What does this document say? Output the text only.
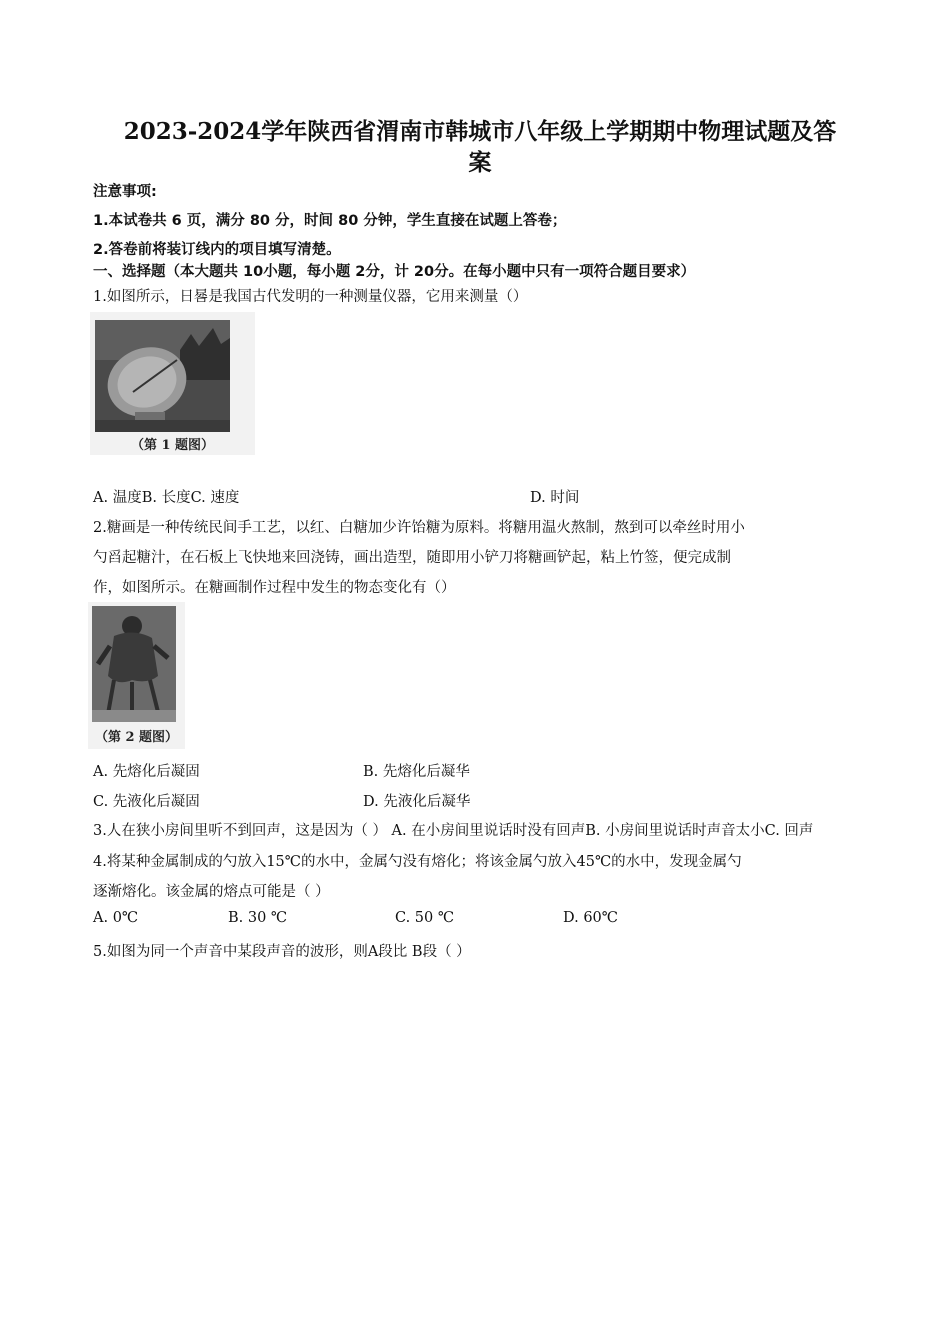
2023-2024学年陕西省渭南市韩城市八年级上学期期中物理试题及答
案
注意事项:
1.本试卷共 6 页，满分 80 分，时间 80 分钟，学生直接在试题上答卷；
2.答卷前将装订线内的项目填写清楚。
一、选择题（本大题共 10小题，每小题 2分，计 20分。在每小题中只有一项符合题目要求）
1.如图所示，日晷是我国古代发明的一种测量仪器，它用来测量（）
（第 1 题图）
A. 温度B. 长度C. 速度	D. 时间
2.糖画是一种传统民间手工艺，以红、白糖加少许饴糖为原料。将糖用温火熬制，熬到可以牵丝时用小
勺舀起糖汁，在石板上飞快地来回浇铸，画出造型，随即用小铲刀将糖画铲起，粘上竹签，便完成制
作，如图所示。在糖画制作过程中发生的物态变化有（）
（第 2 题图）
A. 先熔化后凝固	B. 先熔化后凝华
C. 先液化后凝固	D. 先液化后凝华
3.人在狭小房间里听不到回声，这是因为（ ） A. 在小房间里说话时没有回声B. 小房间里说话时声音太小C. 回声
4.将某种金属制成的勺放入15℃的水中，金属勺没有熔化；将该金属勺放入45℃的水中，发现金属勺
逐渐熔化。该金属的熔点可能是（ ）
A. 0℃	B. 30 ℃	C. 50 ℃	D. 60℃
5.如图为同一个声音中某段声音的波形，则A段比 B段（ ）
